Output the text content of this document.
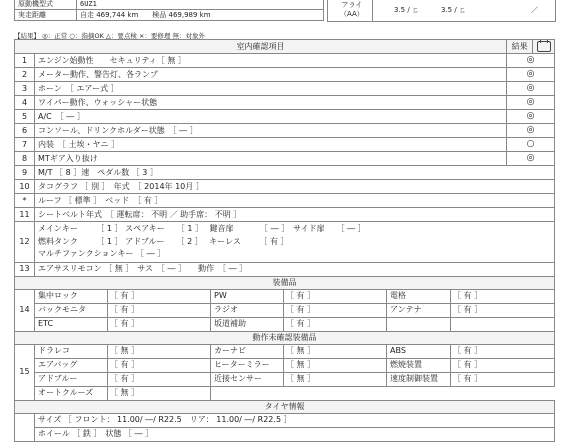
原動機型式	6UZ1
実走距離	自走 469,744 km　　検品 469,989 km
アライ
（AA）	3.5 / ㄈ	3.5 / ㄈ	／
【結果】 ◎：正常 ○：指摘OK △：要点検 ×：要修理 無：対象外
室内確認項目							結果	
1	エンジン始動性　　セキュリティ［ 無 ］						◎	
2	メーター動作、警告灯、各ランプ						◎	
3	ホーン　［ エアー式 ］						◎	
4	ワイパー動作、ウォッシャー状態						◎	
5	A/C　［ ― ］						◎	
6	コンソール、ドリンクホルダー状態　［ ― ］						◎	
7	内装　［ 土埃・ヤニ ］						○	
8	MTギア入り抜け						◎	
9	M/T ［ 8 ］速　ペダル数 ［ 3 ］							
10	タコグラフ ［ 別 ］　年式　［ 2014年 10月 ］							
*	ルーフ ［ 標準 ］　ベッド　［ 有 ］							
11	シートベルト年式　［ 運転席： 不明 ／ 助手席： 不明 ］							
12	メインキー　　 ［ 1 ］ スペアキー　　［ 1 ］　 鍵音扉　　　 ［ ― ］　サイド扉　　［ ― ］
燃料タンク　　 ［ 1 ］ アドブルー　　［ 2 ］　 キーレス　　 ［ 有 ］
マルチファンクションキー ［ ― ］							

13	エアサスリモコン ［ 無 ］　サス　［ ― ］　　動作　［ ― ］							
装備品								
14	集中ロック	［ 有 ］	PW	［ 有 ］	電格	［ 有 ］		
	バックモニタ	［ 有 ］	ラジオ	［ 有 ］	アンテナ	［ 有 ］		
	ETC	［ 有 ］	坂道補助	［ 有 ］				
動作未確認装備品								
15	ドラレコ	［ 無 ］	カーナビ	［ 無 ］	ABS	［ 有 ］		
	エアバッグ	［ 有 ］	ヒーターミラー	［ 無 ］	燃焼装置	［ 有 ］		
	アドブルー	［ 有 ］	近接センサー	［ 無 ］	速度制御装置	［ 有 ］		
	オートクルーズ	［ 無 ］						
タイヤ情報								
	サイズ ［ フロント： 11.00/ ―/ R22.5　リア： 11.00/ ―/ R22.5 ］							
	ホイール ［ 鉄 ］　状態 ［ ― ］							
